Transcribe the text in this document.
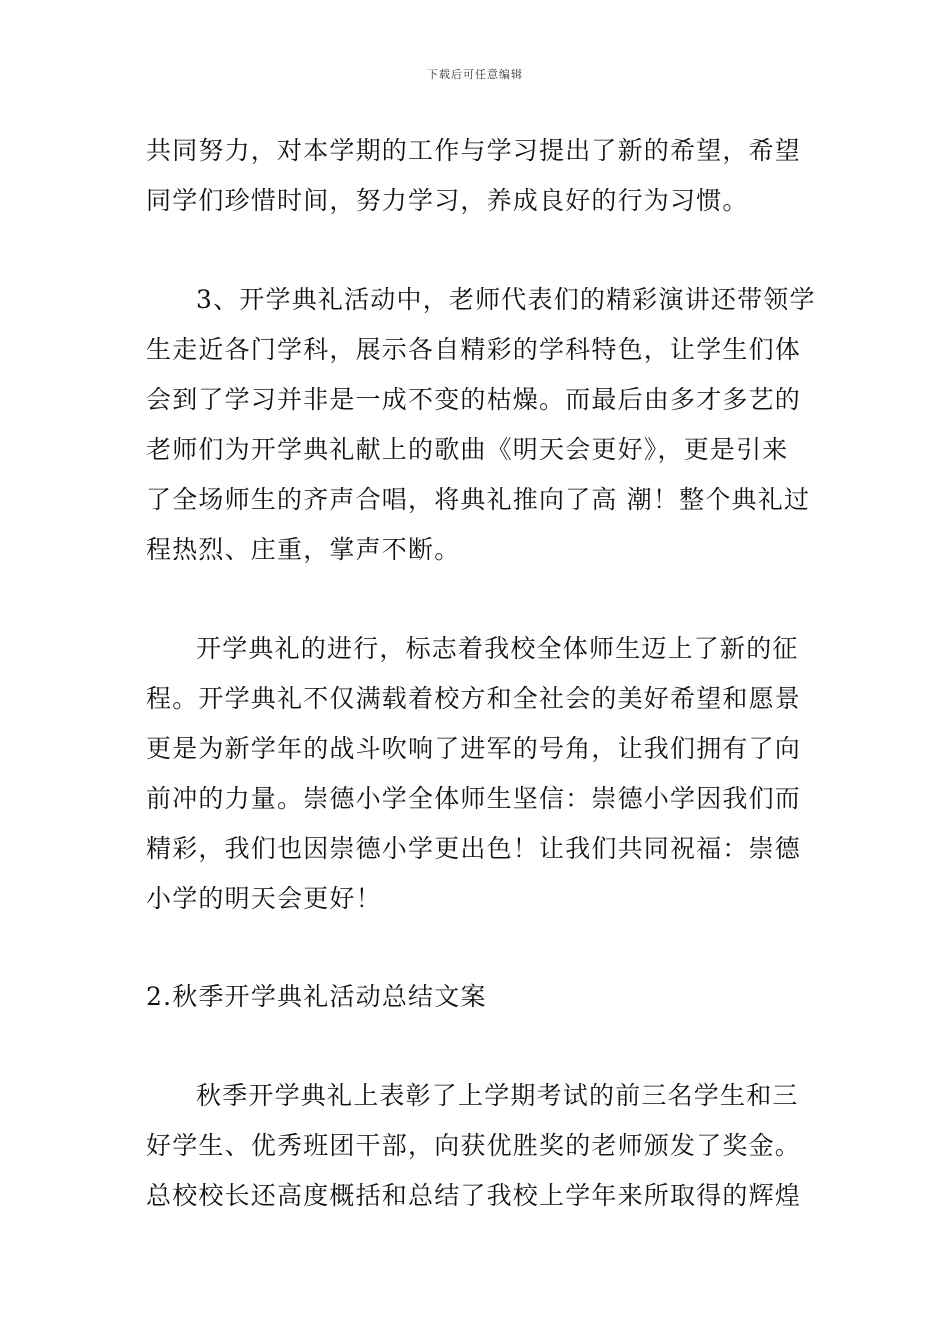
下载后可任意编辑
共同努力，对本学期的工作与学习提出了新的希望，希望
同学们珍惜时间，努力学习，养成良好的行为习惯。
3、开学典礼活动中，老师代表们的精彩演讲还带领学
生走近各门学科，展示各自精彩的学科特色，让学生们体
会到了学习并非是一成不变的枯燥。而最后由多才多艺的
老师们为开学典礼献上的歌曲《明天会更好》，更是引来
了全场师生的齐声合唱，将典礼推向了高 潮！整个典礼过
程热烈、庄重，掌声不断。
开学典礼的进行，标志着我校全体师生迈上了新的征
程。开学典礼不仅满载着校方和全社会的美好希望和愿景
更是为新学年的战斗吹响了进军的号角，让我们拥有了向
前冲的力量。崇德小学全体师生坚信：崇德小学因我们而
精彩，我们也因崇德小学更出色！让我们共同祝福：崇德
小学的明天会更好！
2.秋季开学典礼活动总结文案
秋季开学典礼上表彰了上学期考试的前三名学生和三
好学生、优秀班团干部，向获优胜奖的老师颁发了奖金。
总校校长还高度概括和总结了我校上学年来所取得的辉煌
